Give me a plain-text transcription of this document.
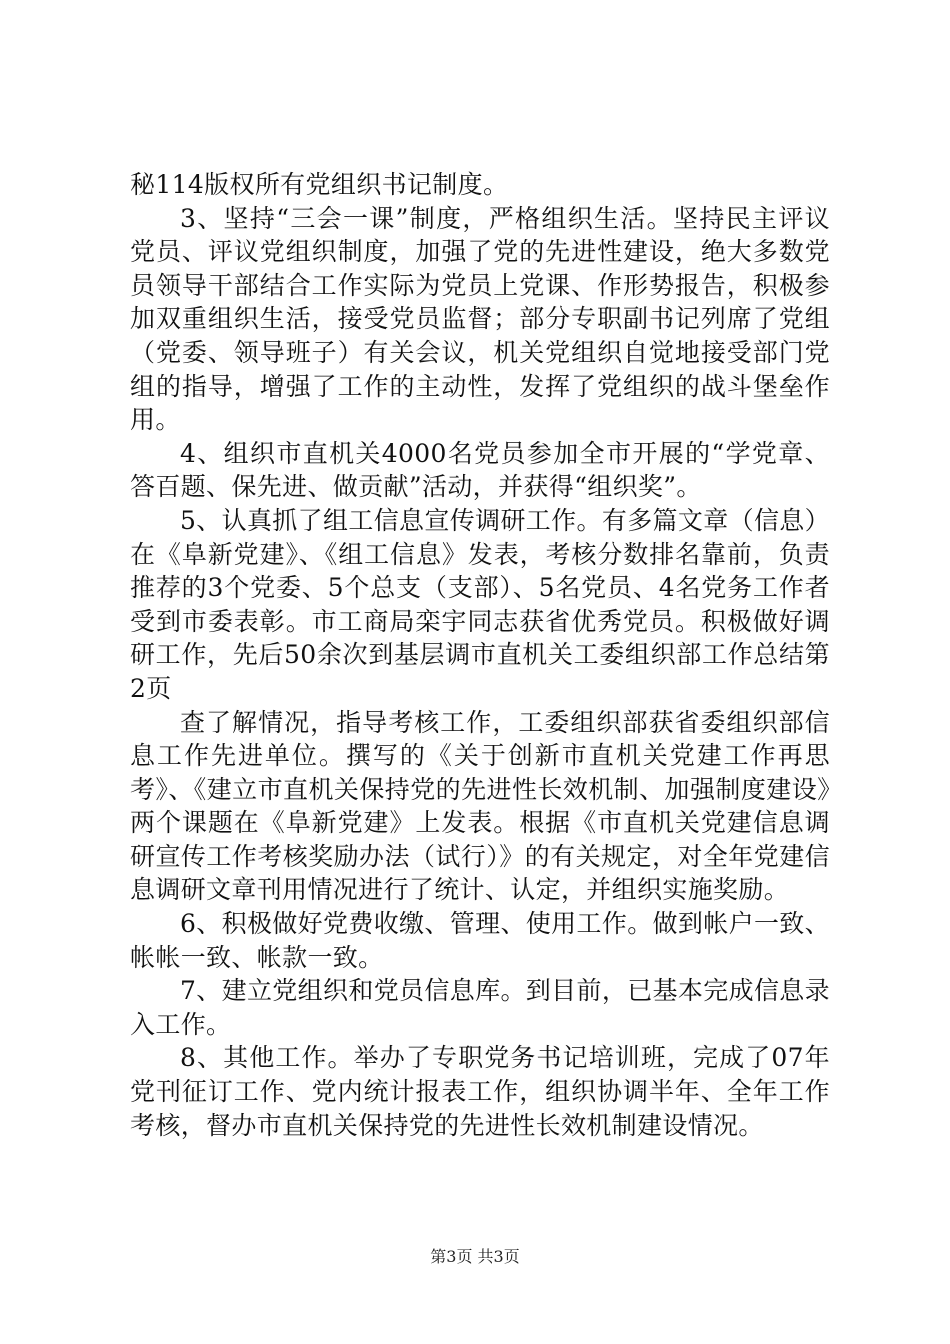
秘114版权所有党组织书记制度。

3、坚持“三会一课”制度，严格组织生活。坚持民主评议党员、评议党组织制度，加强了党的先进性建设，绝大多数党员领导干部结合工作实际为党员上党课、作形势报告，积极参加双重组织生活，接受党员监督；部分专职副书记列席了党组（党委、领导班子）有关会议，机关党组织自觉地接受部门党组的指导，增强了工作的主动性，发挥了党组织的战斗堡垒作用。

4、组织市直机关4000名党员参加全市开展的“学党章、答百题、保先进、做贡献”活动，并获得“组织奖”。

5、认真抓了组工信息宣传调研工作。有多篇文章（信息）在《阜新党建》、《组工信息》发表，考核分数排名靠前，负责推荐的3个党委、5个总支（支部）、5名党员、4名党务工作者受到市委表彰。市工商局栾宇同志获省优秀党员。积极做好调研工作，先后50余次到基层调市直机关工委组织部工作总结第2页

查了解情况，指导考核工作，工委组织部获省委组织部信息工作先进单位。撰写的《关于创新市直机关党建工作再思考》、《建立市直机关保持党的先进性长效机制、加强制度建设》两个课题在《阜新党建》上发表。根据《市直机关党建信息调研宣传工作考核奖励办法（试行）》的有关规定，对全年党建信息调研文章刊用情况进行了统计、认定，并组织实施奖励。

6、积极做好党费收缴、管理、使用工作。做到帐户一致、帐帐一致、帐款一致。

7、建立党组织和党员信息库。到目前，已基本完成信息录入工作。

8、其他工作。举办了专职党务书记培训班，完成了07年党刊征订工作、党内统计报表工作，组织协调半年、全年工作考核，督办市直机关保持党的先进性长效机制建设情况。

第3页 共3页
